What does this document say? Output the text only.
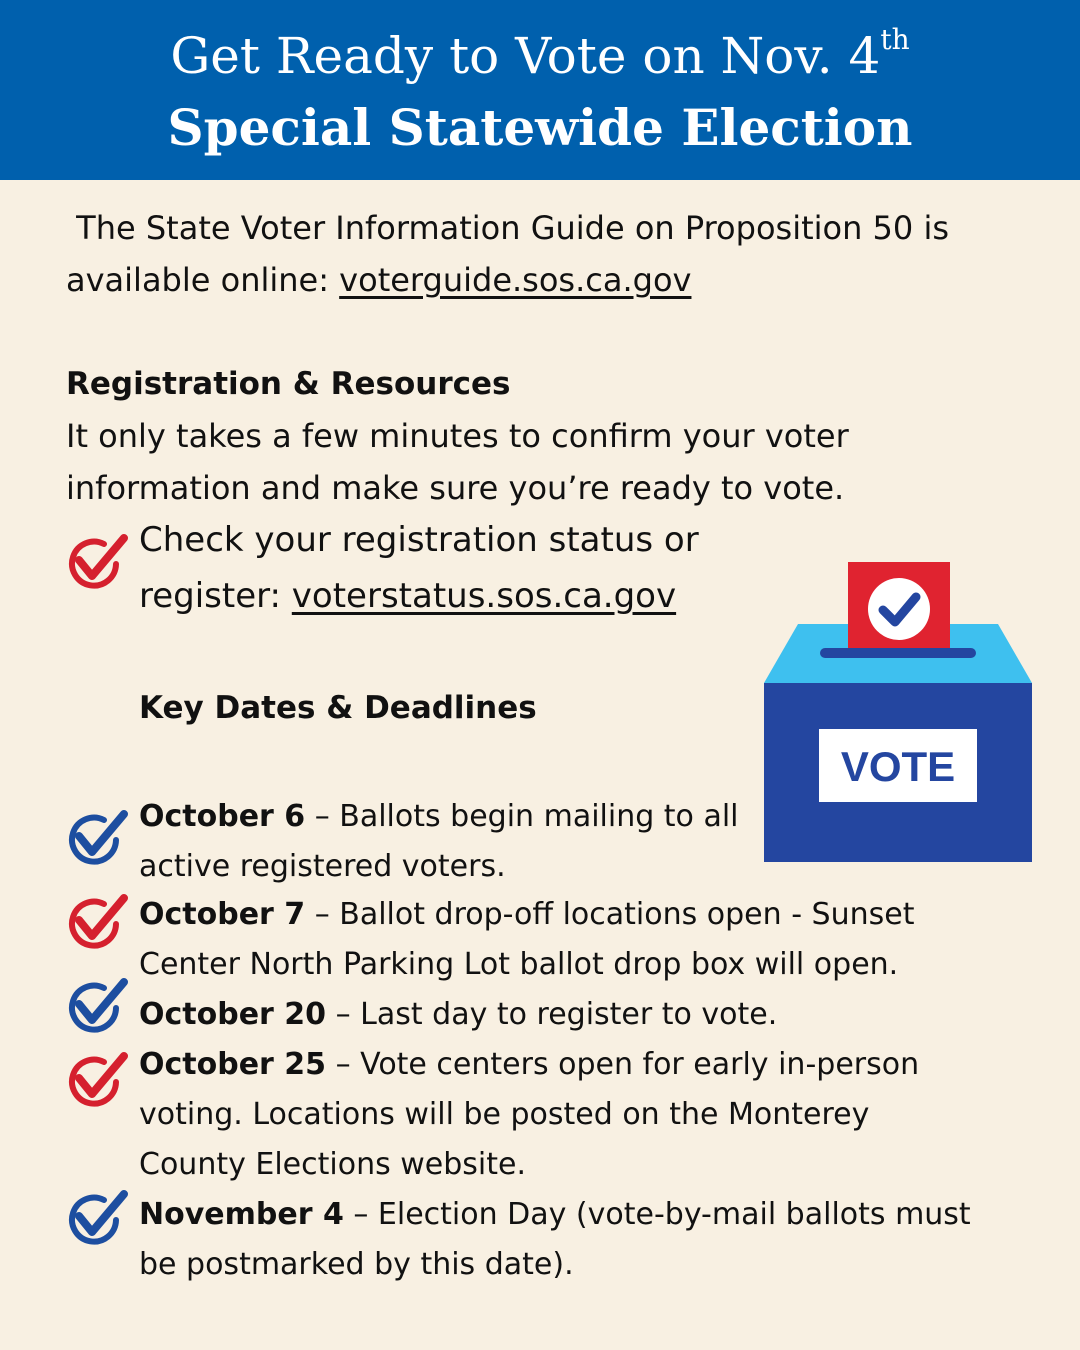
Get Ready to Vote on Nov. 4th
Special Statewide Election
The State Voter Information Guide on Proposition 50 is
available online: voterguide.sos.ca.gov
Registration & Resources
It only takes a few minutes to confirm your voter
information and make sure you’re ready to vote.
Check your registration status or
register: voterstatus.sos.ca.gov
Key Dates & Deadlines
VOTE
October 6 – Ballots begin mailing to all
active registered voters.
October 7 – Ballot drop-off locations open - Sunset
Center North Parking Lot ballot drop box will open.
October 20 – Last day to register to vote.
October 25 – Vote centers open for early in-person
voting. Locations will be posted on the Monterey
County Elections website.
November 4 – Election Day (vote-by-mail ballots must
be postmarked by this date).
